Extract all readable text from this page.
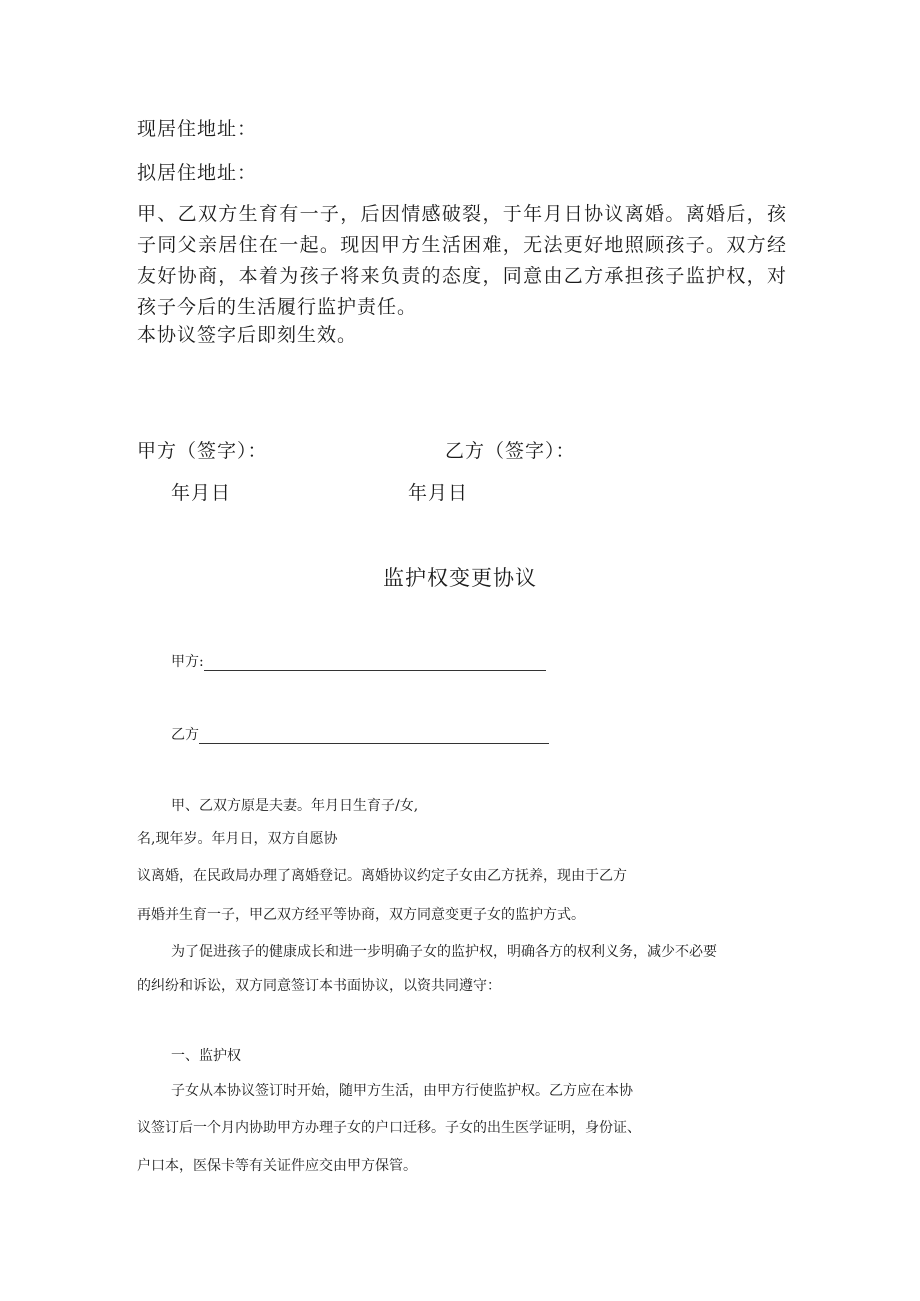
现居住地址：
拟居住地址：
甲、乙双方生育有一子，后因情感破裂，于年月日协议离婚。离婚后，孩子同父亲居住在一起。现因甲方生活困难，无法更好地照顾孩子。双方经友好协商，本着为孩子将来负责的态度，同意由乙方承担孩子监护权，对孩子今后的生活履行监护责任。
本协议签字后即刻生效。
甲方（签字）：	乙方（签字）：
年月日	年月日
监护权变更协议
甲方:
乙方
甲、乙双方原是夫妻。年月日生育子/女,
名,现年岁。年月日，双方自愿协
议离婚，在民政局办理了离婚登记。离婚协议约定子女由乙方抚养，现由于乙方
再婚并生育一子，甲乙双方经平等协商，双方同意变更子女的监护方式。
为了促进孩子的健康成长和进一步明确子女的监护权，明确各方的权利义务，减少不必要
的纠纷和诉讼，双方同意签订本书面协议，以资共同遵守：
一、监护权
子女从本协议签订时开始，随甲方生活，由甲方行使监护权。乙方应在本协
议签订后一个月内协助甲方办理子女的户口迁移。子女的出生医学证明，身份证、
户口本，医保卡等有关证件应交由甲方保管。
